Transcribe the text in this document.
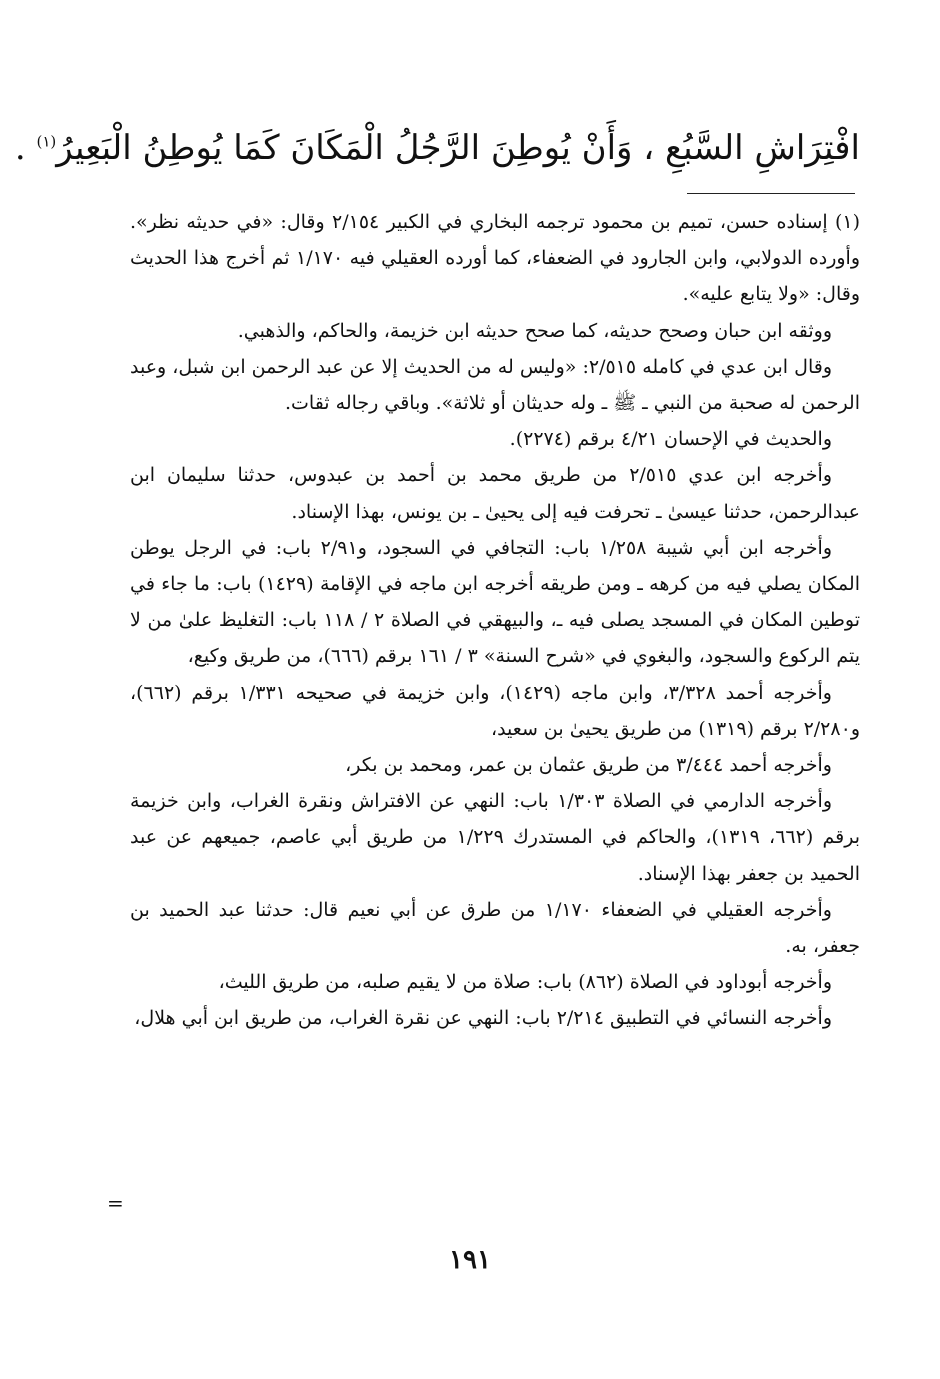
افْتِرَاشِ السَّبُعِ ، وَأَنْ يُوطِنَ الرَّجُلُ الْمَكَانَ كَمَا يُوطِنُ الْبَعِيرُ$^{(١)}$ .

(١) إسناده حسن، تميم بن محمود ترجمه البخاري في الكبير ٢/١٥٤ وقال: «في حديثه نظر». وأورده الدولابي، وابن الجارود في الضعفاء، كما أورده العقيلي فيه ١/١٧٠ ثم أخرج هذا الحديث وقال: «ولا يتابع عليه».

ووثقه ابن حبان وصحح حديثه، كما صحح حديثه ابن خزيمة، والحاكم، والذهبي.

وقال ابن عدي في كامله ٢/٥١٥: «وليس له من الحديث إلا عن عبد الرحمن ابن شبل، وعبد الرحمن له صحبة من النبي ـ ﷺ ـ وله حديثان أو ثلاثة». وباقي رجاله ثقات.

والحديث في الإحسان ٤/٢١ برقم (٢٢٧٤).

وأخرجه ابن عدي ٢/٥١٥ من طريق محمد بن أحمد بن عبدوس، حدثنا سليمان ابن عبدالرحمن، حدثنا عيسىٰ ـ تحرفت فيه إلى يحيىٰ ـ بن يونس، بهذا الإسناد.

وأخرجه ابن أبي شيبة ١/٢٥٨ باب: التجافي في السجود، و٢/٩١ باب: في الرجل يوطن المكان يصلي فيه من كرهه ـ ومن طريقه أخرجه ابن ماجه في الإقامة (١٤٢٩) باب: ما جاء في توطين المكان في المسجد يصلى فيه ـ، والبيهقي في الصلاة ٢ / ١١٨ باب: التغليظ علىٰ من لا يتم الركوع والسجود، والبغوي في «شرح السنة» ٣ / ١٦١ برقم (٦٦٦)، من طريق وكيع،

وأخرجه أحمد ٣/٣٢٨، وابن ماجه (١٤٢٩)، وابن خزيمة في صحيحه ١/٣٣١ برقم (٦٦٢)، و٢/٢٨٠ برقم (١٣١٩) من طريق يحيىٰ بن سعيد،

وأخرجه أحمد ٣/٤٤٤ من طريق عثمان بن عمر، ومحمد بن بكر،

وأخرجه الدارمي في الصلاة ١/٣٠٣ باب: النهي عن الافتراش ونقرة الغراب، وابن خزيمة برقم (٦٦٢، ١٣١٩)، والحاكم في المستدرك ١/٢٢٩ من طريق أبي عاصم، جميعهم عن عبد الحميد بن جعفر بهذا الإسناد.

وأخرجه العقيلي في الضعفاء ١/١٧٠ من طرق عن أبي نعيم قال: حدثنا عبد الحميد بن جعفر، به.

وأخرجه أبوداود في الصلاة (٨٦٢) باب: صلاة من لا يقيم صلبه، من طريق الليث،

وأخرجه النسائي في التطبيق ٢/٢١٤ باب: النهي عن نقرة الغراب، من طريق ابن أبي هلال،

=
١٩١
